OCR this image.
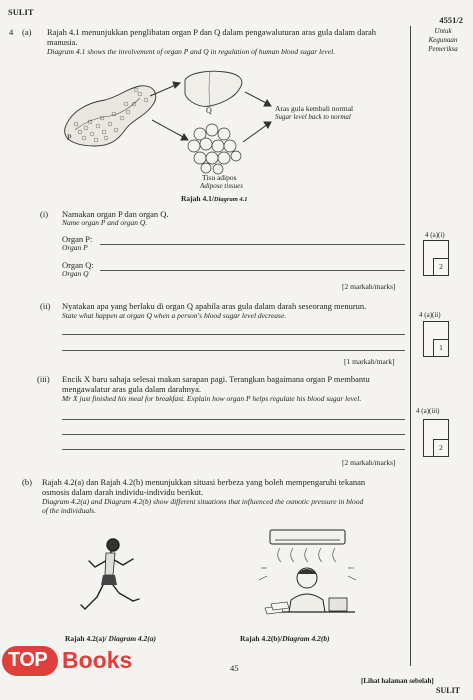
SULIT
4551/2
Untuk
Kegunaan
Pemeriksa
4 (a) Rajah 4.1 menunjukkan penglibatan organ P dan Q dalam pengawaluturan aras gula dalam darah manusia.
Diagram 4.1 shows the involvement of organ P and Q in regulation of human blood sugar level.
P
Q	Aras gula kembali normal
Sugar level back to normal
Tisu adipos
Adipose tissues
Rajah 4.1/Diagram 4.1
(i) Namakan organ P dan organ Q.
Name organ P and organ Q.
Organ P:
Organ P
Organ Q:
Organ Q
[2 markah/marks]
4 (a)(i)
2
(ii) Nyatakan apa yang berlaku di organ Q apabila aras gula dalam darah seseorang menurun.
State what happen at organ Q when a person's blood sugar level decrease.
[1 markah/mark]
4 (a)(ii)
1
(iii) Encik X baru sahaja selesai makan sarapan pagi. Terangkan bagaimana organ P membantu
mengawalatur aras gula dalam darahnya.
Mr X just finished his meal for breakfast. Explain how organ P helps regulate his blood sugar level.
[2 markah/marks]
4 (a)(iii)
2
(b) Rajah 4.2(a) dan Rajah 4.2(b) menunjukkan situasi berbeza yang boleh mempengaruhi tekanan
osmosis dalam darah individu-individu berikut.
Diagram 4.2(a) and Diagram 4.2(b) show different situations that influenced the osmotic pressure in blood
of the individuals.
Rajah 4.2(a)/ Diagram 4.2(a)	Rajah 4.2(b)/Diagram 4.2(b)
45
[Lihat halaman sebelah]
SULIT
TOP Books
